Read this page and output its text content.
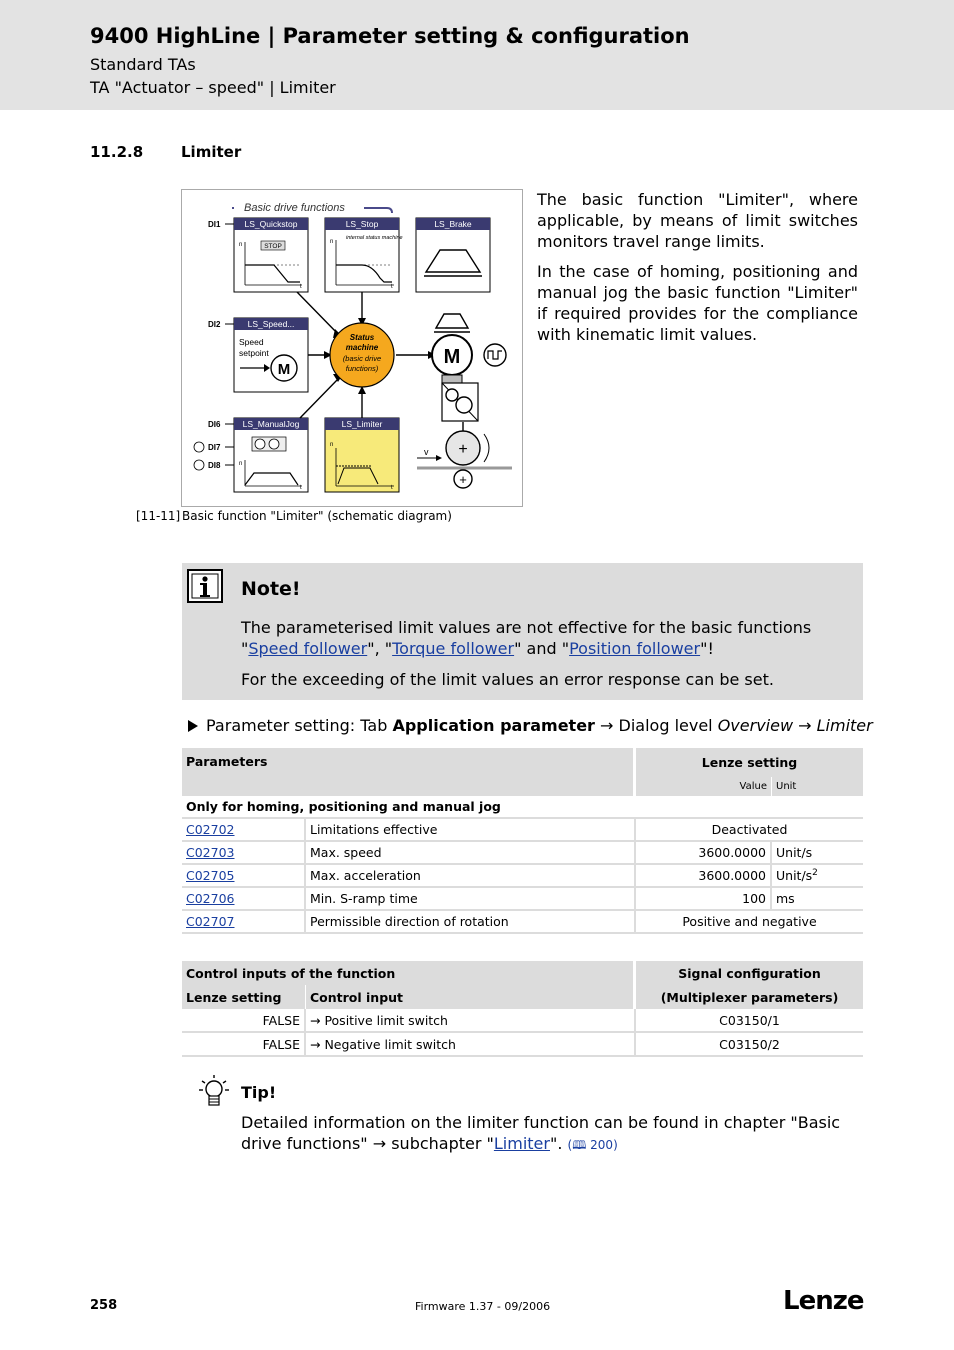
9400 HighLine | Parameter setting & configuration
Standard TAs
TA "Actuator – speed" | Limiter
11.2.8	Limiter
Basic drive functions
LS_Quickstop
STOP
n
t
LS_Stop
internal status machine
n
t
LS_Brake
LS_Speed...
Speed
setpoint
M
LS_ManualJog
n
t
LS_Limiter
n
t
DI1
DI2
DI6
DI7
DI8
Status
machine
(basic drive
functions)
M
+
v
+
[11-11] Basic function "Limiter" (schematic diagram)
The basic function "Limiter", where applicable, by means of limit switches monitors travel range limits.
In the case of homing, positioning and manual jog the basic function "Limiter" if required provides for the compliance with kinematic limit values.
Note!
The parameterised limit values are not effective for the basic functions "Speed follower", "Torque follower" and "Position follower"!
For the exceeding of the limit values an error response can be set.
Parameter setting: Tab Application parameter → Dialog level Overview → Limiter
Parameters		Lenze setting	
		Value	Unit
Only for homing, positioning and manual jog			
C02702	Limitations effective	Deactivated	
C02703	Max. speed	3600.0000	Unit/s
C02705	Max. acceleration	3600.0000	Unit/$s^2$
C02706	Min. S-ramp time	100	ms
C02707	Permissible direction of rotation	Positive and negative	
Control inputs of the function		Signal configuration
Lenze setting	Control input	(Multiplexer parameters)
FALSE	→ Positive limit switch	C03150/1
FALSE	→ Negative limit switch	C03150/2
Tip!
Detailed information on the limiter function can be found in chapter "Basic drive functions" → subchapter "Limiter". (🕮 200)
258	Firmware 1.37 - 09/2006	Lenze
